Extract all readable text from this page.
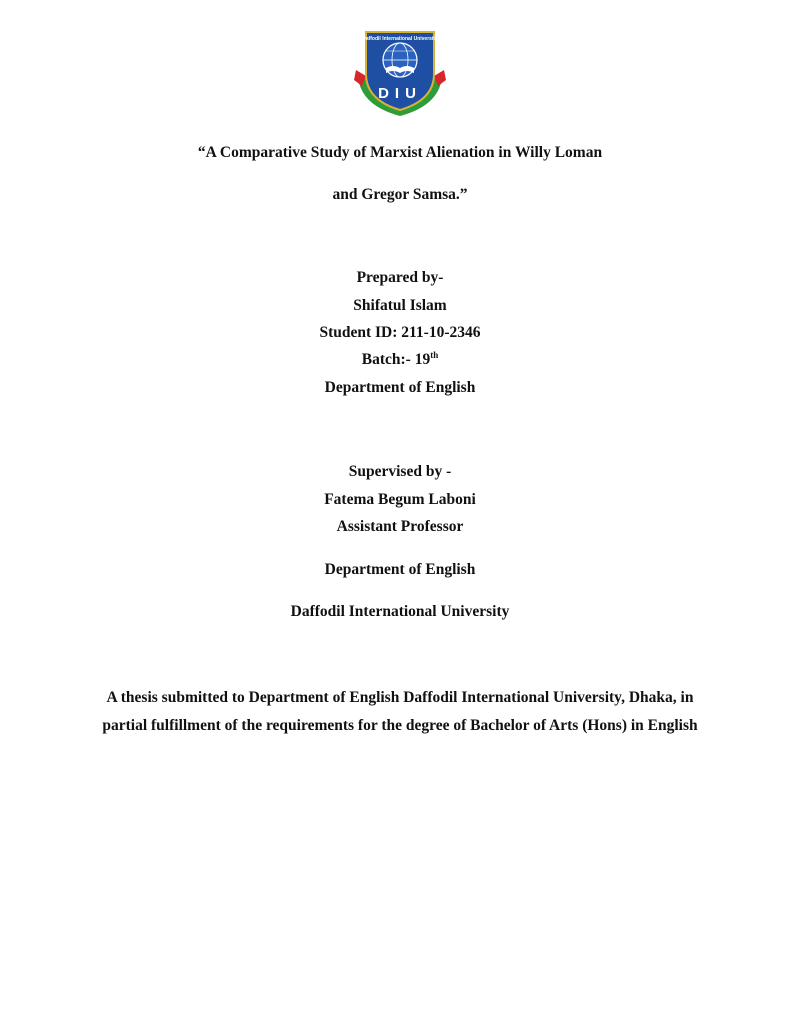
Daffodil International University
DIU
“A Comparative Study of Marxist Alienation in Willy Loman
and Gregor Samsa.”
Prepared by-
Shifatul Islam
Student ID: 211-10-2346
Batch:- 19th
Department of English
Supervised by -
Fatema Begum Laboni
Assistant Professor
Department of English
Daffodil International University
A thesis submitted to Department of English Daffodil International University, Dhaka, in
partial fulfillment of the requirements for the degree of Bachelor of Arts (Hons) in English
